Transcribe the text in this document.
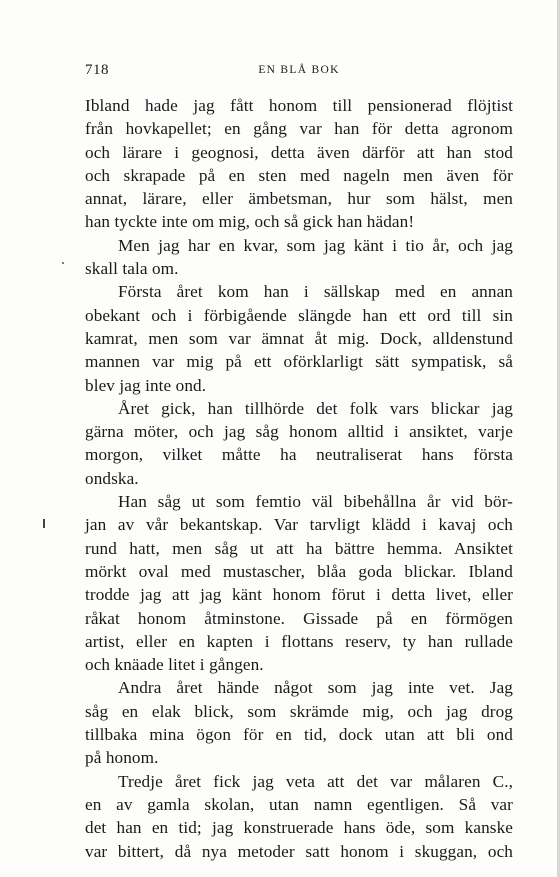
718	EN BLÅ BOK
Ibland hade jag fått honom till pensionerad flöjtist
från hovkapellet; en gång var han för detta agronom
och lärare i geognosi, detta även därför att han stod
och skrapade på en sten med nageln men även för
annat, lärare, eller ämbetsman, hur som hälst, men
han tyckte inte om mig, och så gick han hädan!
Men jag har en kvar, som jag känt i tio år, och jag
skall tala om.
Första året kom han i sällskap med en annan
obekant och i förbigående slängde han ett ord till sin
kamrat, men som var ämnat åt mig. Dock, alldenstund
mannen var mig på ett oförklarligt sätt sympatisk, så
blev jag inte ond.
Året gick, han tillhörde det folk vars blickar jag
gärna möter, och jag såg honom alltid i ansiktet, varje
morgon, vilket måtte ha neutraliserat hans första
ondska.
Han såg ut som femtio väl bibehållna år vid bör-
jan av vår bekantskap. Var tarvligt klädd i kavaj och
rund hatt, men såg ut att ha bättre hemma. Ansiktet
mörkt oval med mustascher, blåa goda blickar. Ibland
trodde jag att jag känt honom förut i detta livet, eller
råkat honom åtminstone. Gissade på en förmögen
artist, eller en kapten i flottans reserv, ty han rullade
och knäade litet i gången.
Andra året hände något som jag inte vet. Jag
såg en elak blick, som skrämde mig, och jag drog
tillbaka mina ögon för en tid, dock utan att bli ond
på honom.
Tredje året fick jag veta att det var målaren C.,
en av gamla skolan, utan namn egentligen. Så var
det han en tid; jag konstruerade hans öde, som kanske
var bittert, då nya metoder satt honom i skuggan, och
